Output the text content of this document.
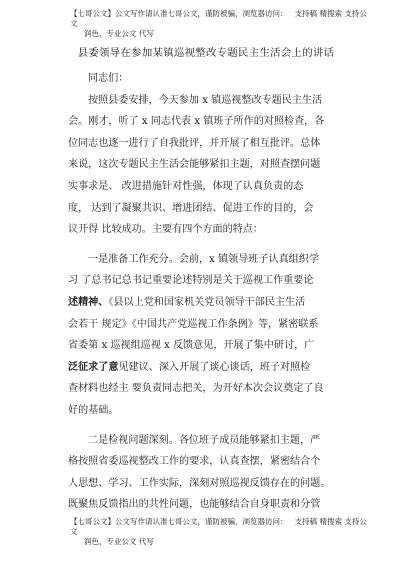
【七哥公文】公文写作请认准七哥公文，谨防被骗，浏览器访问： 支持稿 精搜索 支持公文
润色，专业公文 代写
县委领导在参加某镇巡视整改专题民主生活会上的讲话
同志们：
按照县委安排，今天参加 x 镇巡视整改专题民主生活
会。刚才，听了 x 同志代表 x 镇班子所作的对照检查，各
位同志也逐一进行了自我批评，并开展了相互批评。总体
来说，这次专题民主生活会能够紧扣主题，对照查摆问题
实事求是、 改进措施针对性强，体现了认真负责的态
度， 达到了凝聚共识、增进团结、促进工作的目的，会
议开得 比较成功。主要有四个方面的特点：
一是准备工作充分。会前，x 镇领导班子认真组织学
习 了总书记总书记重要论述特别是关于巡视工作重要论
述精神、《县以上党和国家机关党员领导干部民主生活
会若干 规定》《中国共产党巡视工作条例》等，紧密联系
省委第 x 巡视组巡视 x 反馈意见，开展了集中研讨，广
泛征求了意见建议、深入开展了谈心谈话，班子对照检
查材料也经主 要负责同志把关，为开好本次会议奠定了良
好的基础。
二是检视问题深刻。各位班子成员能够紧扣主题，严
格按照省委巡视整改工作的要求，认真查摆，紧密结合个
人思想、学习、工作实际，深刻对照巡视反馈存在的问题。
既聚焦反馈指出的共性问题，也能够结合自身职责和分管
【七哥公文】公文写作请认准七哥公文，谨防被骗，浏览器访问： 支持稿 精搜索 支持公文
润色，专业公文 代写
